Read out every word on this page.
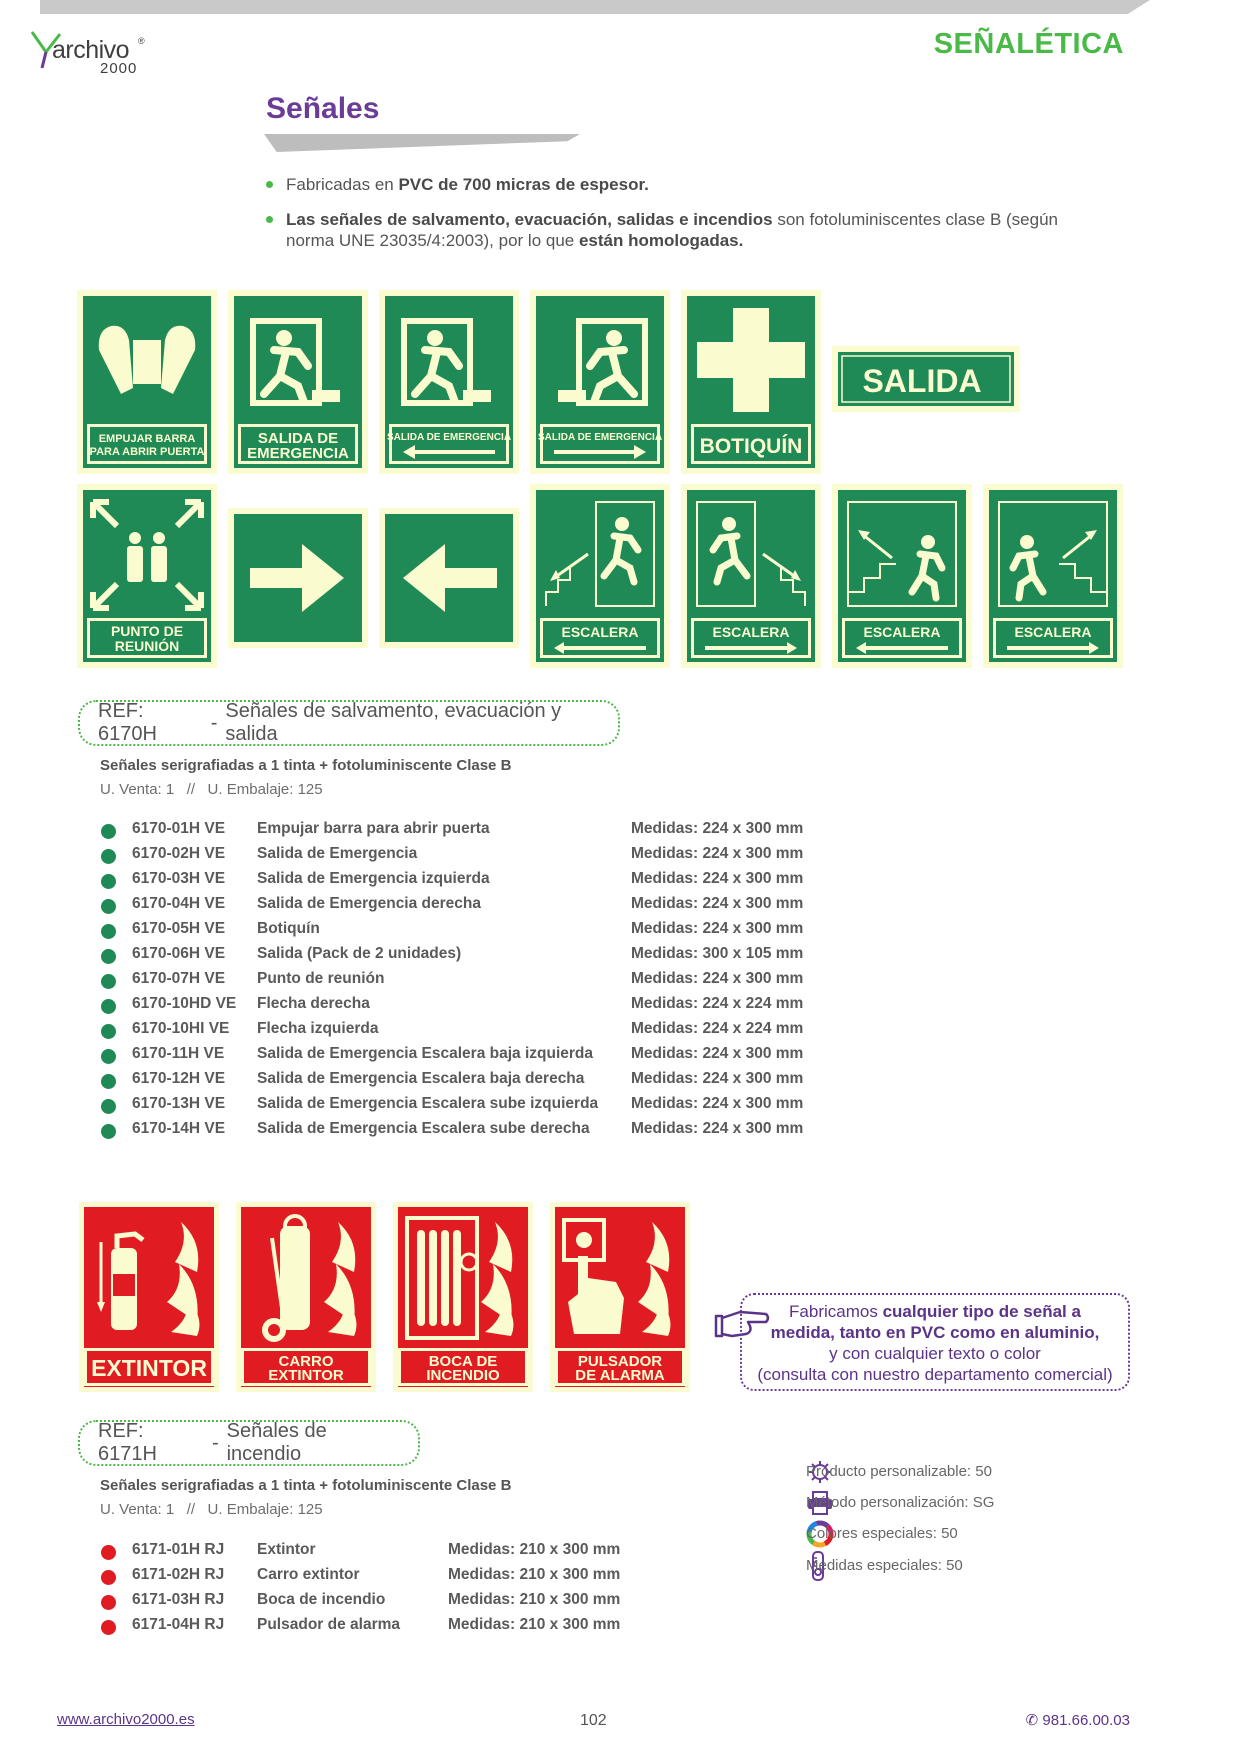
archivo ®
2000
SEÑALÉTICA
Señales
Fabricadas en PVC de 700 micras de espesor.
Las señales de salvamento, evacuación, salidas e incendios son fotoluminiscentes clase B (según norma UNE 23035/4:2003), por lo que están homologadas.
EMPUJAR BARRA
PARA ABRIR PUERTA
SALIDA DE
EMERGENCIA
SALIDA DE EMERGENCIA	SALIDA DE EMERGENCIA BOTIQUÍN
SALIDA
PUNTO DE
REUNIÓN
ESCALERA	ESCALERA	ESCALERA	ESCALERA
REF: 6170H
-
Señales de salvamento, evacuación y salida
Señales serigrafiadas a 1 tinta + fotoluminiscente Clase B
U. Venta: 1   //   U. Embalaje: 125
6170-01H VE Empujar barra para abrir puerta	Medidas: 224 x 300 mm
6170-02H VE Salida de Emergencia	Medidas: 224 x 300 mm
6170-03H VE Salida de Emergencia izquierda	Medidas: 224 x 300 mm
6170-04H VE Salida de Emergencia derecha	Medidas: 224 x 300 mm
6170-05H VE Botiquín	Medidas: 224 x 300 mm
6170-06H VE Salida (Pack de 2 unidades)	Medidas: 300 x 105 mm
6170-07H VE Punto de reunión	Medidas: 224 x 300 mm
6170-10HD VE Flecha derecha	Medidas: 224 x 224 mm
6170-10HI VE Flecha izquierda	Medidas: 224 x 224 mm
6170-11H VE Salida de Emergencia Escalera baja izquierda Medidas: 224 x 300 mm
6170-12H VE Salida de Emergencia Escalera baja derecha	Medidas: 224 x 300 mm
6170-13H VE Salida de Emergencia Escalera sube izquierda Medidas: 224 x 300 mm
6170-14H VE Salida de Emergencia Escalera sube derecha	Medidas: 224 x 300 mm
EXTINTOR	CARRO
EXTINTOR
BOCA DE
INCENDIO
PULSADOR
DE ALARMA
Fabricamos cualquier tipo de señal a
medida, tanto en PVC como en aluminio,
y con cualquier texto o color
(consulta con nuestro departamento comercial)
REF: 6171H
-
Señales de incendio
Señales serigrafiadas a 1 tinta + fotoluminiscente Clase B
U. Venta: 1   //   U. Embalaje: 125
6171-01H RJ Extintor	Medidas: 210 x 300 mm
6171-02H RJ Carro extintor	Medidas: 210 x 300 mm
6171-03H RJ Boca de incendio	Medidas: 210 x 300 mm
6171-04H RJ Pulsador de alarma	Medidas: 210 x 300 mm
Producto personalizable: 50
Método personalización: SG
Colores especiales: 50
Medidas especiales: 50
www.archivo2000.es	102	✆ 981.66.00.03
